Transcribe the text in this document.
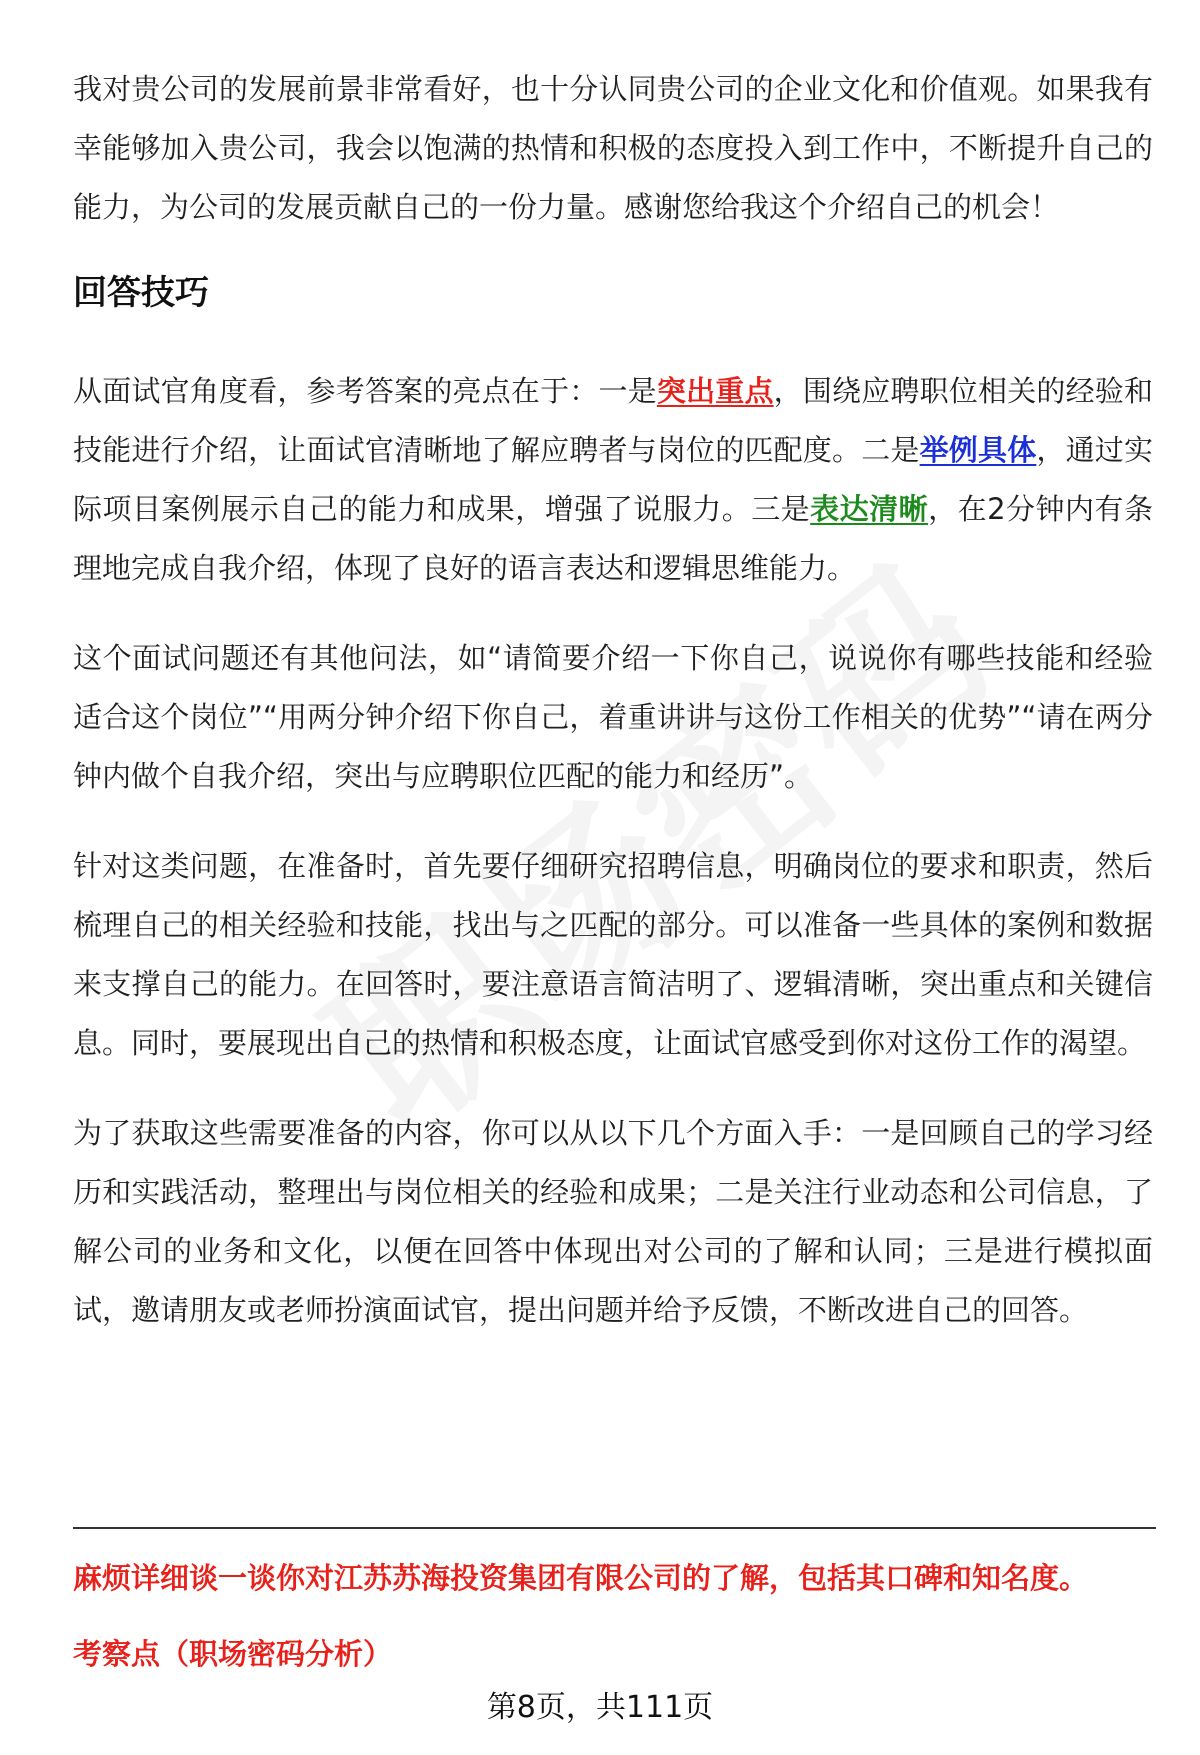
我对贵公司的发展前景非常看好，也十分认同贵公司的企业文化和价值观。如果我有幸能够加入贵公司，我会以饱满的热情和积极的态度投入到工作中，不断提升自己的能力，为公司的发展贡献自己的一份力量。感谢您给我这个介绍自己的机会！

回答技巧

从面试官角度看，参考答案的亮点在于：一是突出重点，围绕应聘职位相关的经验和技能进行介绍，让面试官清晰地了解应聘者与岗位的匹配度。二是举例具体，通过实际项目案例展示自己的能力和成果，增强了说服力。三是表达清晰，在2分钟内有条理地完成自我介绍，体现了良好的语言表达和逻辑思维能力。

这个面试问题还有其他问法，如“请简要介绍一下你自己，说说你有哪些技能和经验适合这个岗位”“用两分钟介绍下你自己，着重讲讲与这份工作相关的优势”“请在两分钟内做个自我介绍，突出与应聘职位匹配的能力和经历”。

针对这类问题，在准备时，首先要仔细研究招聘信息，明确岗位的要求和职责，然后梳理自己的相关经验和技能，找出与之匹配的部分。可以准备一些具体的案例和数据来支撑自己的能力。在回答时，要注意语言简洁明了、逻辑清晰，突出重点和关键信息。同时，要展现出自己的热情和积极态度，让面试官感受到你对这份工作的渴望。

为了获取这些需要准备的内容，你可以从以下几个方面入手：一是回顾自己的学习经历和实践活动，整理出与岗位相关的经验和成果；二是关注行业动态和公司信息，了解公司的业务和文化，以便在回答中体现出对公司的了解和认同；三是进行模拟面试，邀请朋友或老师扮演面试官，提出问题并给予反馈，不断改进自己的回答。

麻烦详细谈一谈你对江苏苏海投资集团有限公司的了解，包括其口碑和知名度。
考察点（职场密码分析）
第8页，共111页
